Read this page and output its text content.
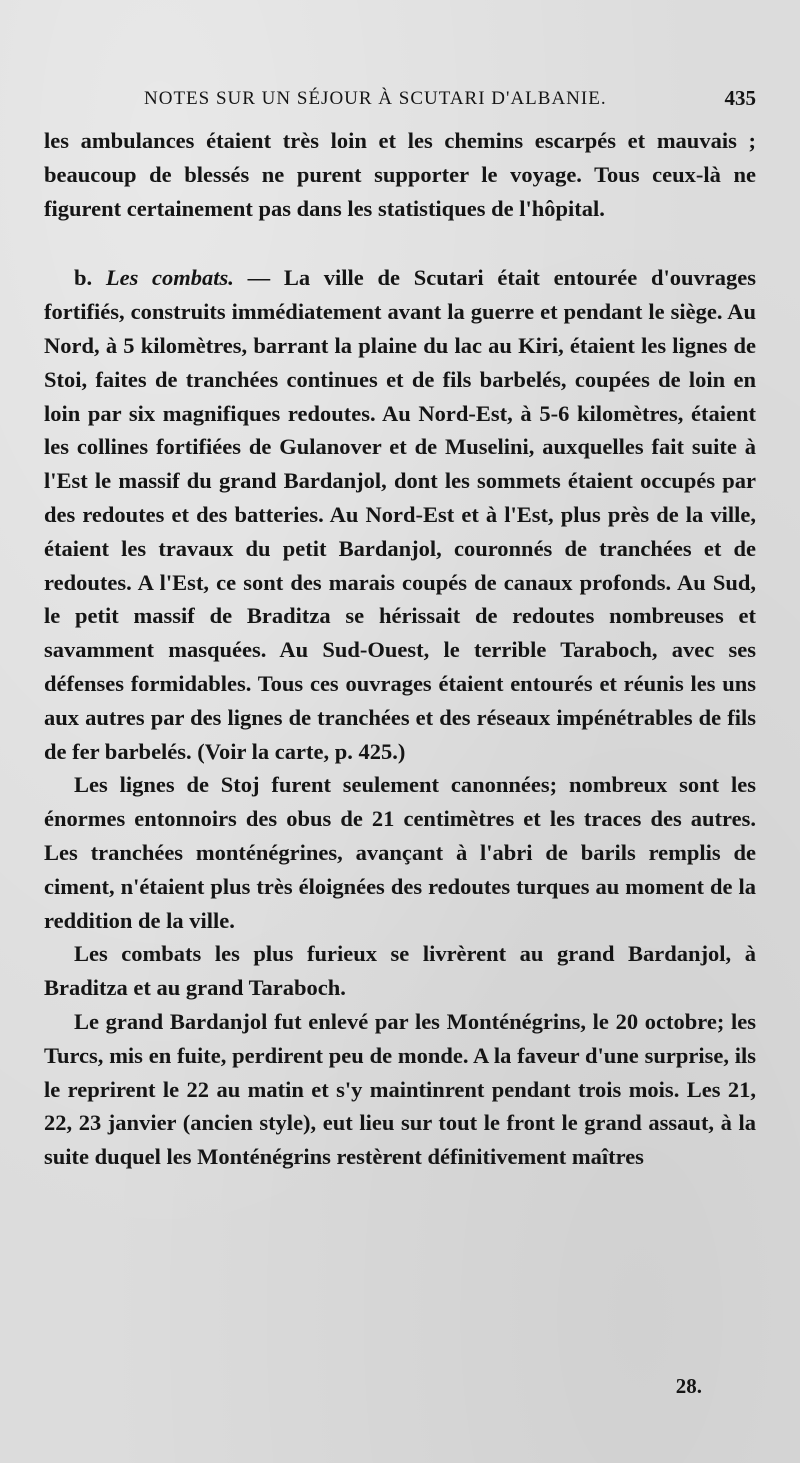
NOTES SUR UN SÉJOUR À SCUTARI D'ALBANIE.	435

les ambulances étaient très loin et les chemins escarpés et mauvais ; beaucoup de blessés ne purent supporter le voyage. Tous ceux-là ne figurent certainement pas dans les statistiques de l'hôpital.

b. Les combats. — La ville de Scutari était entourée d'ouvrages fortifiés, construits immédiatement avant la guerre et pendant le siège. Au Nord, à 5 kilomètres, barrant la plaine du lac au Kiri, étaient les lignes de Stoi, faites de tranchées continues et de fils barbelés, coupées de loin en loin par six magnifiques redoutes. Au Nord-Est, à 5-6 kilomètres, étaient les collines fortifiées de Gulanover et de Muselini, auxquelles fait suite à l'Est le massif du grand Bardanjol, dont les sommets étaient occupés par des redoutes et des batteries. Au Nord-Est et à l'Est, plus près de la ville, étaient les travaux du petit Bardanjol, couronnés de tranchées et de redoutes. A l'Est, ce sont des marais coupés de canaux profonds. Au Sud, le petit massif de Braditza se hérissait de redoutes nombreuses et savamment masquées. Au Sud-Ouest, le terrible Taraboch, avec ses défenses formidables. Tous ces ouvrages étaient entourés et réunis les uns aux autres par des lignes de tranchées et des réseaux impénétrables de fils de fer barbelés. (Voir la carte, p. 425.)

Les lignes de Stoj furent seulement canonnées; nombreux sont les énormes entonnoirs des obus de 21 centimètres et les traces des autres. Les tranchées monténégrines, avançant à l'abri de barils remplis de ciment, n'étaient plus très éloignées des redoutes turques au moment de la reddition de la ville.

Les combats les plus furieux se livrèrent au grand Bardanjol, à Braditza et au grand Taraboch.

Le grand Bardanjol fut enlevé par les Monténégrins, le 20 octobre; les Turcs, mis en fuite, perdirent peu de monde. A la faveur d'une surprise, ils le reprirent le 22 au matin et s'y maintinrent pendant trois mois. Les 21, 22, 23 janvier (ancien style), eut lieu sur tout le front le grand assaut, à la suite duquel les Monténégrins restèrent définitivement maîtres

28.
